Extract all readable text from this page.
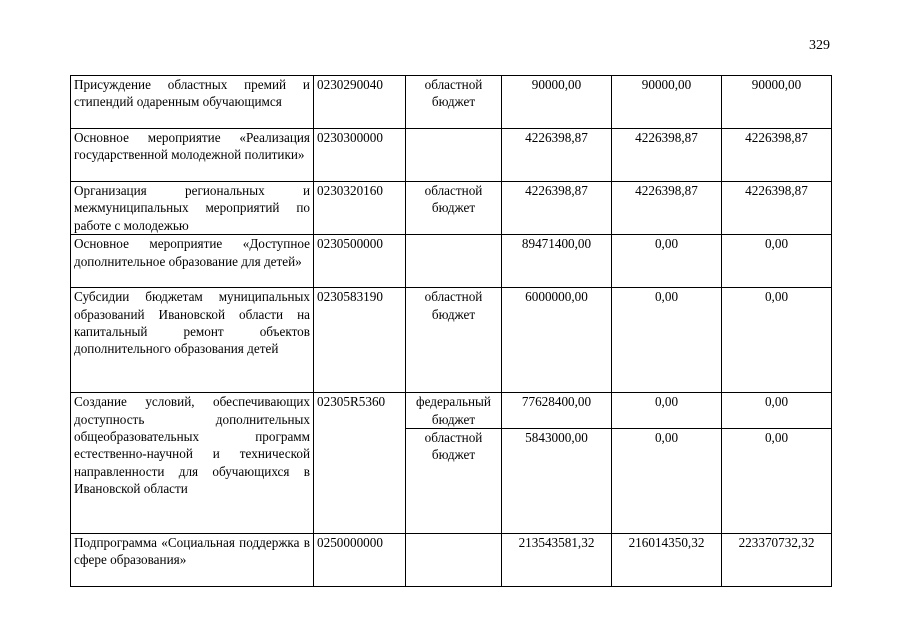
329
Присуждение областных премий и стипендий одаренным обучающимся	0230290040	областной бюджет	90000,00	90000,00	90000,00
Основное мероприятие «Реализация государственной молодежной политики»	0230300000		4226398,87	4226398,87	4226398,87
Организация региональных и межмуниципальных мероприятий по работе с молодежью	0230320160	областной бюджет	4226398,87	4226398,87	4226398,87
Основное мероприятие «Доступное дополнительное образование для детей»	0230500000		89471400,00	0,00	0,00
Субсидии бюджетам муниципальных образований Ивановской области на капитальный ремонт объектов дополнительного образования детей	0230583190	областной бюджет	6000000,00	0,00	0,00
Создание условий, обеспечивающих доступность дополнительных общеобразовательных программ естественно-научной и технической направленности для обучающихся в Ивановской области	02305R5360	федеральный бюджет	77628400,00	0,00	0,00
		областной бюджет	5843000,00	0,00	0,00
Подпрограмма «Социальная поддержка в сфере образования»	0250000000		213543581,32	216014350,32	223370732,32
